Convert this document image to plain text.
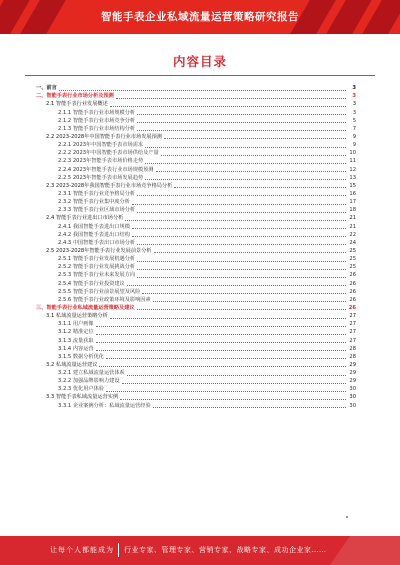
智能手表企业私域流量运营策略研究报告
内容目录
一、前言	3
二、智能手表行业市场分析及预测	3
2.1 智能手表行业发展概述	3
2.1.1 智能手表行业市场规模分析	3
2.1.2 智能手表行业市场竞争分析	5
2.1.3 智能手表行业市场结构分析	7
2.2 2023-2028年中国智能手表行业市场发展预测	9
2.2.1 2023年中国智能手表市场需求	9
2.2.2 2023年中国智能手表市场供给及产量	10
2.2.3 2023年智能手表市场价格走势	11
2.2.4 2023年智能手表行业市场规模预测	12
2.2.5 2023年智能手表市场发展趋势	13
2.3 2023-2028年我国智能手表行业市场竞争格局分析	15
2.3.1 智能手表行业竞争格局分析	16
2.3.2 智能手表行业集中度分析	17
2.3.3 智能手表行业区域市场分析	18
2.4 智能手表行业进出口市场分析	21
2.4.1 我国智能手表进出口规模	21
2.4.2 我国智能手表进出口结构	22
2.4.3 中国智能手表出口市场分析	24
2.5 2023-2028年智能手表行业发展前景分析	25
2.5.1 智能手表行业发展机遇分析	25
2.5.2 智能手表行业发展挑战分析	25
2.5.3 智能手表行业未来发展方向	26
2.5.4 智能手表行业投资建议	26
2.5.5 智能手表行业前景展望及风险	26
2.5.6 智能手表行业政策环境及影响因素	26
三、智能手表行业私域流量运营策略及建议	26
3.1 私域流量运营策略分析	27
3.1.1 用户画像	27
3.1.2 精准定位	27
3.1.3 流量获取	27
3.1.4 内容运营	28
3.1.5 数据分析优化	28
3.2 私域流量运营建议	29
3.2.1 建立私域流量运营体系	29
3.2.2 加强品牌影响力建设	29
3.2.3 优化用户体验	30
3.3 智能手表私域流量运营实例	30
3.3.1 企业案例分析：私域流量运营经验	30
让每个人都能成为 行业专家、管理专家、营销专家、战略专家、成功企业家……
